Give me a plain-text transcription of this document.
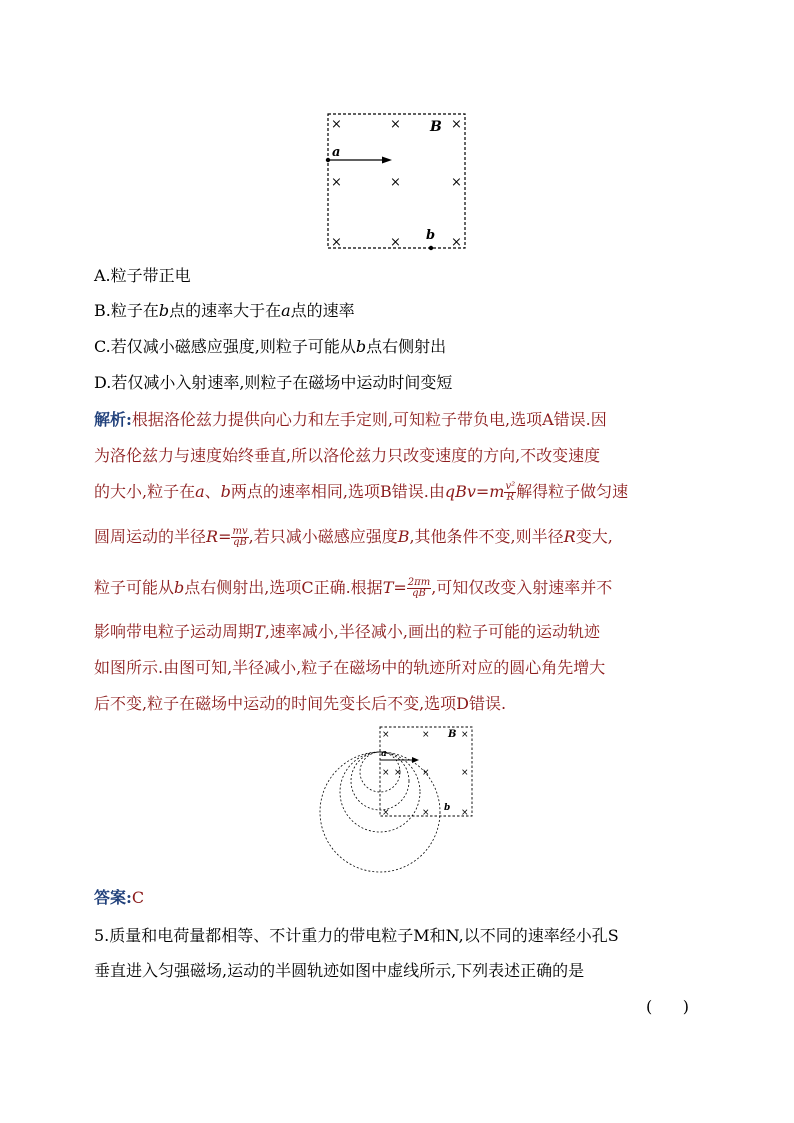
×	×	×
B
×	×	×
×	×	×
a
b
A.粒子带正电
B.粒子在b点的速率大于在a点的速率
C.若仅减小磁感应强度,则粒子可能从b点右侧射出
D.若仅减小入射速率,则粒子在磁场中运动时间变短
解析:根据洛伦兹力提供向心力和左手定则,可知粒子带负电,选项A错误.因
为洛伦兹力与速度始终垂直,所以洛伦兹力只改变速度的方向,不改变速度
的大小,粒子在a、b两点的速率相同,选项B错误.由$qBv=m \frac{\text{v²}}{R}$ 解得粒子做匀速
圆周运动的半径$R= \frac{mv}{qB}$ ,若只减小磁感应强度B,其他条件不变,则半径R变大,
粒子可能从b点右侧射出,选项C正确.根据$T= \frac{2\pi m}{qB}$ ,可知仅改变入射速率并不
影响带电粒子运动周期T,速率减小,半径减小,画出的粒子可能的运动轨迹
如图所示.由图可知,半径减小,粒子在磁场中的轨迹所对应的圆心角先增大
后不变,粒子在磁场中运动的时间先变长后不变,选项D错误.
×	× B ×
× × ×	×
×	×	×
a
b
答案:C
5.质量和电荷量都相等、不计重力的带电粒子M和N,以不同的速率经小孔S
垂直进入匀强磁场,运动的半圆轨迹如图中虚线所示,下列表述正确的是
(      )
